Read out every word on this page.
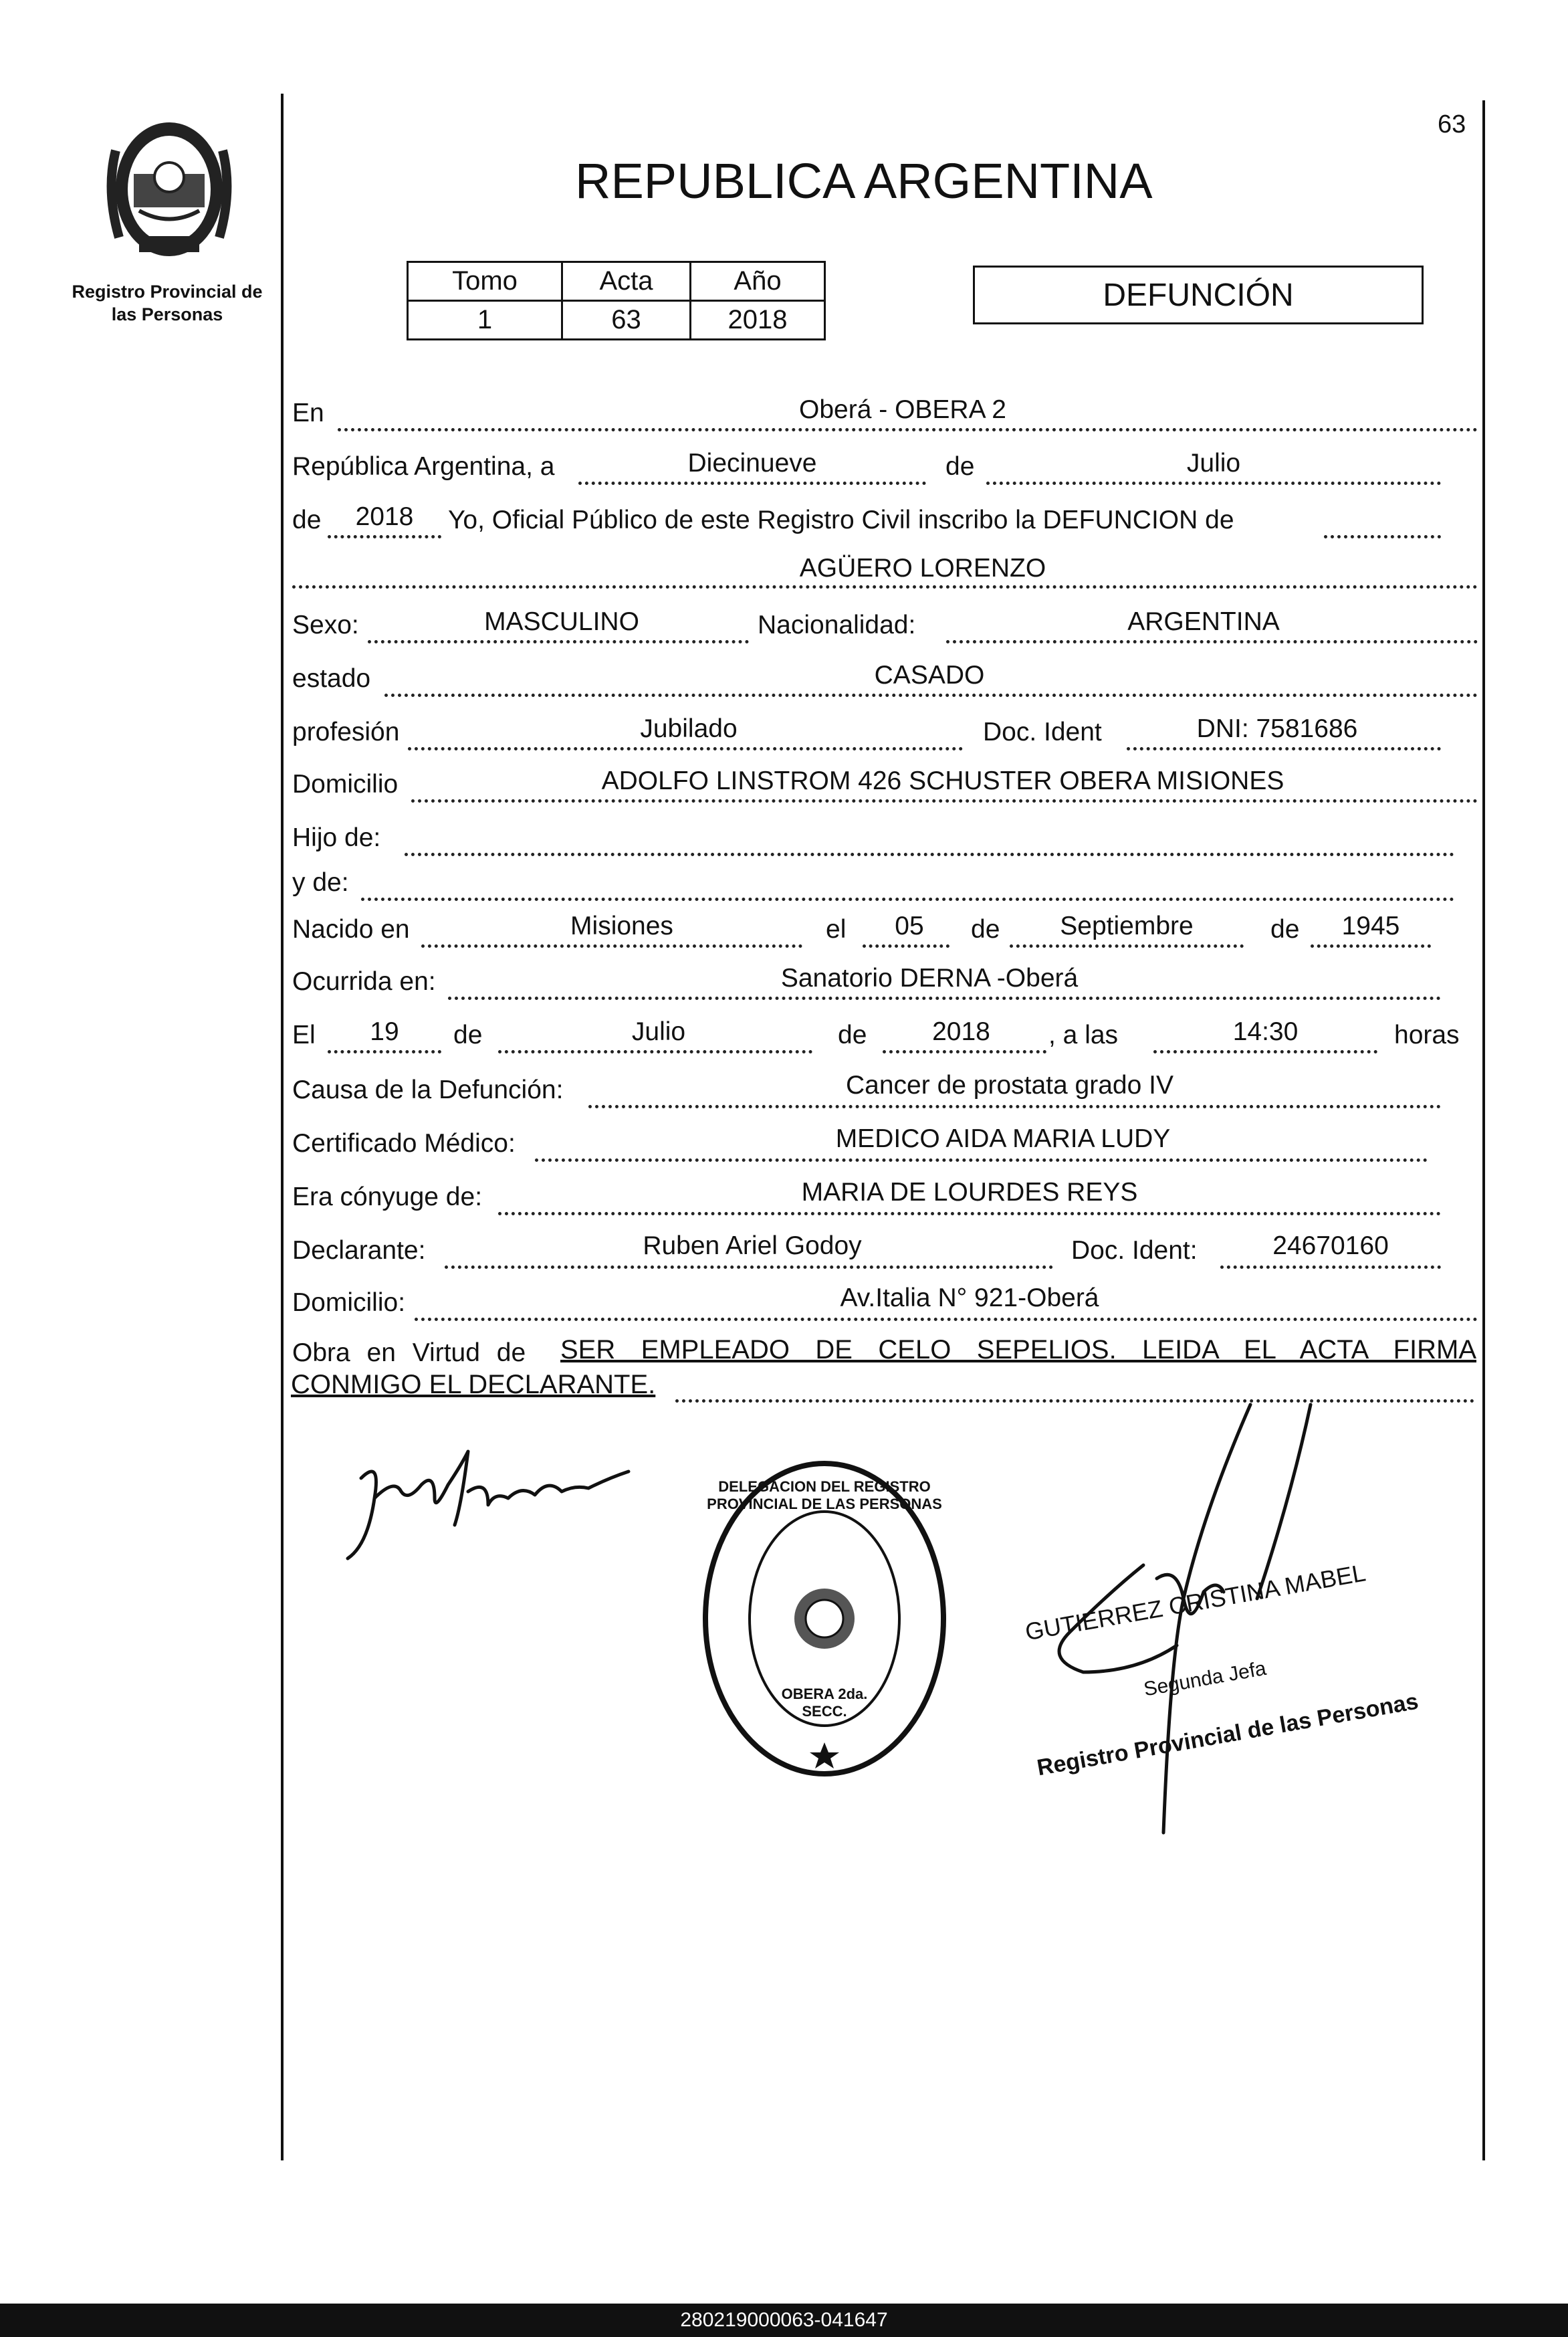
Registro Provincial de las Personas
63
REPUBLICA ARGENTINA
Tomo	Acta	Año
1	63	2018
DEFUNCIÓN
En	Oberá - OBERA 2
República Argentina, a	Diecinueve	de	Julio
de	2018	Yo, Oficial Público de este Registro Civil inscribo la DEFUNCION de
AGÜERO LORENZO
Sexo:	MASCULINO	Nacionalidad:	ARGENTINA
estado	CASADO
profesión	Jubilado	Doc. Ident	DNI: 7581686
Domicilio	ADOLFO LINSTROM 426 SCHUSTER OBERA MISIONES
Hijo de:
y de:
Nacido en	Misiones	el	05	de	Septiembre	de	1945
Ocurrida en:	Sanatorio DERNA -Oberá
El	19	de	Julio	de	2018	, a las	14:30	horas
Causa de la Defunción:	Cancer de prostata grado IV
Certificado Médico:	MEDICO AIDA MARIA LUDY
Era cónyuge de:	MARIA DE LOURDES REYS
Declarante:	Ruben Ariel Godoy	Doc. Ident:	24670160
Domicilio:	Av.Italia N° 921-Oberá
Obra en Virtud de SER EMPLEADO DE CELO SEPELIOS. LEIDA EL ACTA FIRMA
CONMIGO EL DECLARANTE.
DELEGACION DEL REGISTRO PROVINCIAL DE LAS PERSONAS
OBERA 2da. SECC.
GUTIERREZ CRISTINA MABEL
Segunda Jefa
Registro Provincial de las Personas
280219000063-041647
